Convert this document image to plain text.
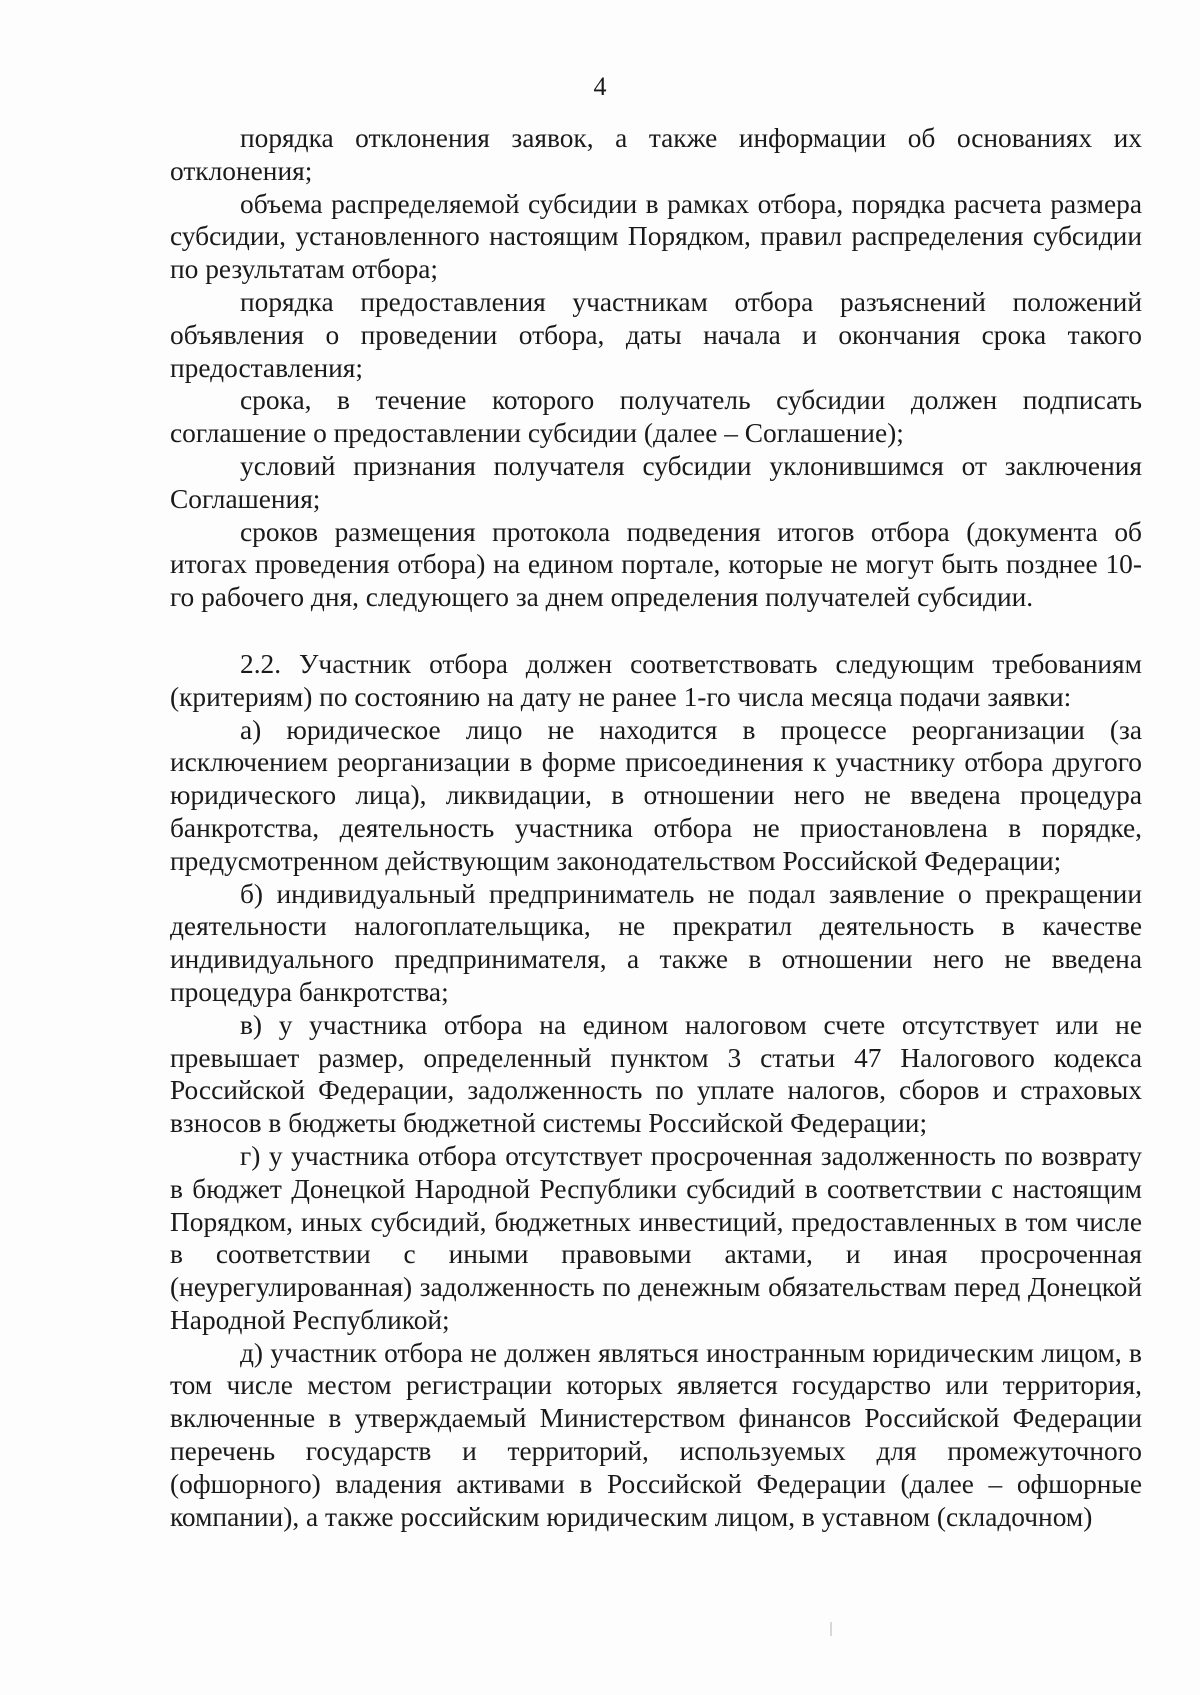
4

порядка отклонения заявок, а также информации об основаниях их отклонения;

объема распределяемой субсидии в рамках отбора, порядка расчета размера субсидии, установленного настоящим Порядком, правил распределения субсидии по результатам отбора;

порядка предоставления участникам отбора разъяснений положений объявления о проведении отбора, даты начала и окончания срока такого предоставления;

срока, в течение которого получатель субсидии должен подписать соглашение о предоставлении субсидии (далее – Соглашение);

условий признания получателя субсидии уклонившимся от заключения Соглашения;

сроков размещения протокола подведения итогов отбора (документа об итогах проведения отбора) на едином портале, которые не могут быть позднее 10-го рабочего дня, следующего за днем определения получателей субсидии.

2.2. Участник отбора должен соответствовать следующим требованиям (критериям) по состоянию на дату не ранее 1-го числа месяца подачи заявки:

а) юридическое лицо не находится в процессе реорганизации (за исключением реорганизации в форме присоединения к участнику отбора другого юридического лица), ликвидации, в отношении него не введена процедура банкротства, деятельность участника отбора не приостановлена в порядке, предусмотренном действующим законодательством Российской Федерации;

б) индивидуальный предприниматель не подал заявление о прекращении деятельности налогоплательщика, не прекратил деятельность в качестве индивидуального предпринимателя, а также в отношении него не введена процедура банкротства;

в) у участника отбора на едином налоговом счете отсутствует или не превышает размер, определенный пунктом 3 статьи 47 Налогового кодекса Российской Федерации, задолженность по уплате налогов, сборов и страховых взносов в бюджеты бюджетной системы Российской Федерации;

г) у участника отбора отсутствует просроченная задолженность по возврату в бюджет Донецкой Народной Республики субсидий в соответствии с настоящим Порядком, иных субсидий, бюджетных инвестиций, предоставленных в том числе в соответствии с иными правовыми актами, и иная просроченная (неурегулированная) задолженность по денежным обязательствам перед Донецкой Народной Республикой;

д) участник отбора не должен являться иностранным юридическим лицом, в том числе местом регистрации которых является государство или территория, включенные в утверждаемый Министерством финансов Российской Федерации перечень государств и территорий, используемых для промежуточного (офшорного) владения активами в Российской Федерации (далее – офшорные компании), а также российским юридическим лицом, в уставном (складочном)
